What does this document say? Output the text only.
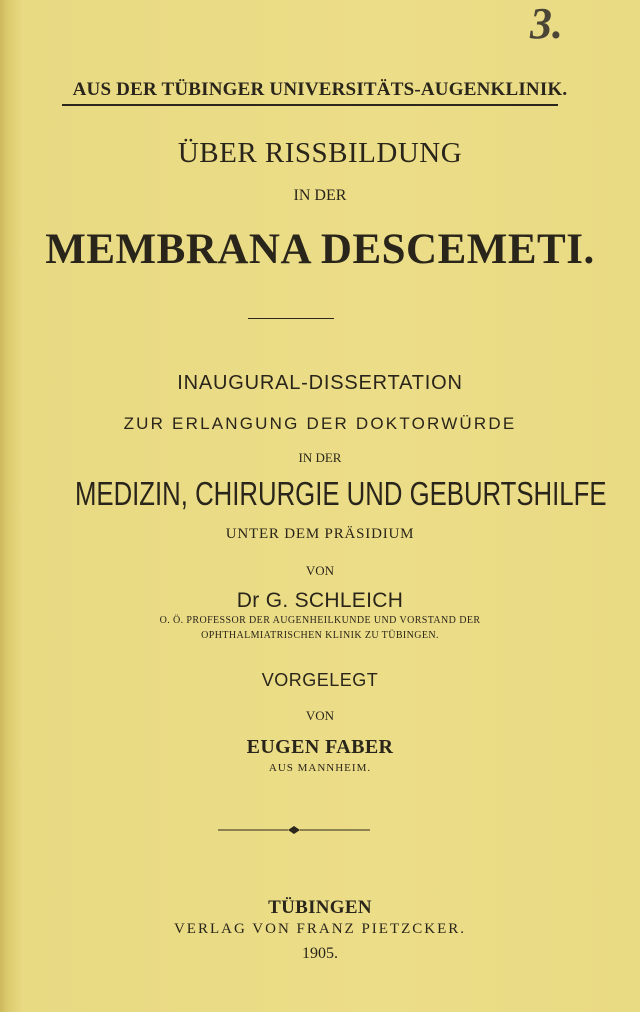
3.
AUS DER TÜBINGER UNIVERSITÄTS-AUGENKLINIK.
ÜBER RISSBILDUNG
IN DER
MEMBRANA DESCEMETI.
INAUGURAL-DISSERTATION
ZUR ERLANGUNG DER DOKTORWÜRDE
IN DER
MEDIZIN, CHIRURGIE UND GEBURTSHILFE
UNTER DEM PRÄSIDIUM
VON
Dr G. SCHLEICH
O. Ö. PROFESSOR DER AUGENHEILKUNDE UND VORSTAND DER
OPHTHALMIATRISCHEN KLINIK ZU TÜBINGEN.
VORGELEGT
VON
EUGEN FABER
AUS MANNHEIM.
TÜBINGEN
VERLAG VON FRANZ PIETZCKER.
1905.
